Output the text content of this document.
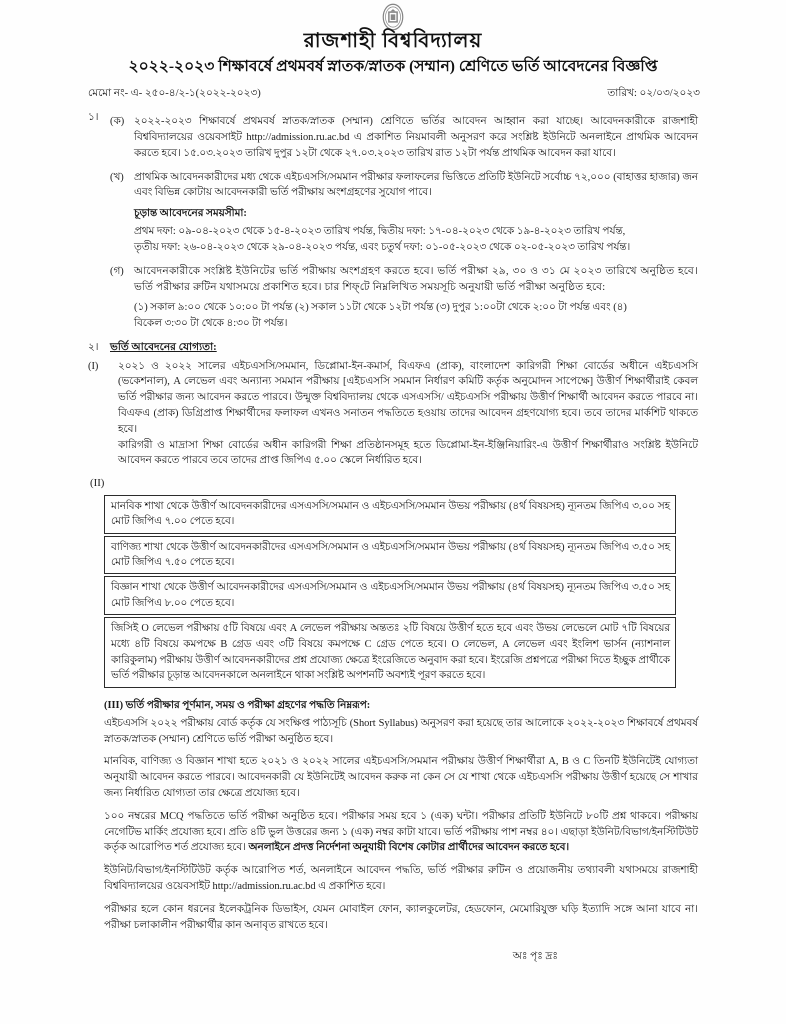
রাজশাহী বিশ্ববিদ্যালয়
২০২২-২০২৩ শিক্ষাবর্ষে প্রথমবর্ষ স্নাতক/স্নাতক (সম্মান) শ্রেণিতে ভর্তি আবেদনের বিজ্ঞপ্তি
মেমো নং- এ- ২৫০-৪/২-১(২০২২-২০২৩)	তারিখ: ০২/০৩/২০২৩
১।	(ক) ২০২২-২০২৩ শিক্ষাবর্ষে প্রথমবর্ষ স্নাতক/স্নাতক (সম্মান) শ্রেণিতে ভর্তির আবেদন আহ্বান করা যাচ্ছে। আবেদনকারীকে রাজশাহী বিশ্ববিদ্যালয়ের ওয়েবসাইট http://admission.ru.ac.bd এ প্রকাশিত নিয়মাবলী অনুসরণ করে সংশ্লিষ্ট ইউনিটে অনলাইনে প্রাথমিক আবেদন করতে হবে। ১৫.০৩.২০২৩ তারিখ দুপুর ১২টা থেকে ২৭.০৩.২০২৩ তারিখ রাত ১২টা পর্যন্ত প্রাথমিক আবেদন করা যাবে।
(খ) প্রাথমিক আবেদনকারীদের মধ্য থেকে এইচএসসি/সমমান পরীক্ষার ফলাফলের ভিত্তিতে প্রতিটি ইউনিটে সর্বোচ্চ ৭২,০০০ (বাহাত্তর হাজার) জন এবং বিভিন্ন কোটায় আবেদনকারী ভর্তি পরীক্ষায় অংশগ্রহণের সুযোগ পাবে।
চূড়ান্ত আবেদনের সময়সীমা:
প্রথম দফা: ০৯-০৪-২০২৩ থেকে ১৫-৪-২০২৩ তারিখ পর্যন্ত, দ্বিতীয় দফা: ১৭-০৪-২০২৩ থেকে ১৯-৪-২০২৩ তারিখ পর্যন্ত,
তৃতীয় দফা: ২৬-০৪-২০২৩ থেকে ২৯-০৪-২০২৩ পর্যন্ত, এবং চতুর্থ দফা: ০১-০৫-২০২৩ থেকে ০২-০৫-২০২৩ তারিখ পর্যন্ত।
(গ) আবেদনকারীকে সংশ্লিষ্ট ইউনিটের ভর্তি পরীক্ষায় অংশগ্রহণ করতে হবে। ভর্তি পরীক্ষা ২৯, ৩০ ও ৩১ মে ২০২৩ তারিখে অনুষ্ঠিত হবে। ভর্তি পরীক্ষার রুটিন যথাসময়ে প্রকাশিত হবে। চার শিফ্‌টে নিম্নলিখিত সময়সূচি অনুযায়ী ভর্তি পরীক্ষা অনুষ্ঠিত হবে:
(১) সকাল ৯:০০ থেকে ১০:০০ টা পর্যন্ত (২) সকাল ১১টা থেকে ১২টা পর্যন্ত (৩) দুপুর ১:০০টা থেকে ২:০০ টা পর্যন্ত এবং (৪)
বিকেল ৩:৩০ টা থেকে ৪:৩০ টা পর্যন্ত।
২।	ভর্তি আবেদনের যোগ্যতা:
(I)	২০২১ ও ২০২২ সালের এইচএসসি/সমমান, ডিপ্লোমা-ইন-কমার্স, বিএফএ (প্রাক), বাংলাদেশ কারিগরী শিক্ষা বোর্ডের অধীনে এইচএসসি (ভকেশনাল), A লেভেল এবং অন্যান্য সমমান পরীক্ষায় [এইচএসসি সমমান নির্ধারণ কমিটি কর্তৃক অনুমোদন সাপেক্ষে] উত্তীর্ণ শিক্ষার্থীরাই কেবল ভর্তি পরীক্ষার জন্য আবেদন করতে পারবে। উন্মুক্ত বিশ্ববিদ্যালয় থেকে এসএসসি/ এইচএসসি পরীক্ষায় উত্তীর্ণ শিক্ষার্থী আবেদন করতে পারবে না। বিএফএ (প্রাক) ডিগ্রিপ্রাপ্ত শিক্ষার্থীদের ফলাফল এখনও সনাতন পদ্ধতিতে হওয়ায় তাদের আবেদন গ্রহণযোগ্য হবে। তবে তাদের মার্কশিট থাকতে হবে।

কারিগরী ও মাদ্রাসা শিক্ষা বোর্ডের অধীন কারিগরী শিক্ষা প্রতিষ্ঠানসমূহ হতে ডিপ্লোমা-ইন-ইঞ্জিনিয়ারিং-এ উত্তীর্ণ শিক্ষার্থীরাও সংশ্লিষ্ট ইউনিটে আবেদন করতে পারবে তবে তাদের প্রাপ্ত জিপিএ ৫.০০ স্কেলে নির্ধারিত হবে।

(II)
মানবিক শাখা থেকে উত্তীর্ণ আবেদনকারীদের এসএসসি/সমমান ও এইচএসসি/সমমান উভয় পরীক্ষায় (৪র্থ বিষয়সহ) ন্যূনতম জিপিএ ৩.০০ সহ মোট জিপিএ ৭.০০ পেতে হবে।
বাণিজ্য শাখা থেকে উত্তীর্ণ আবেদনকারীদের এসএসসি/সমমান ও এইচএসসি/সমমান উভয় পরীক্ষায় (৪র্থ বিষয়সহ) ন্যূনতম জিপিএ ৩.৫০ সহ মোট জিপিএ ৭.৫০ পেতে হবে।
বিজ্ঞান শাখা থেকে উত্তীর্ণ আবেদনকারীদের এসএসসি/সমমান ও এইচএসসি/সমমান উভয় পরীক্ষায় (৪র্থ বিষয়সহ) ন্যূনতম জিপিএ ৩.৫০ সহ মোট জিপিএ ৮.০০ পেতে হবে।
জিসিই O লেভেল পরীক্ষায় ৫টি বিষয়ে এবং A লেভেল পরীক্ষায় অন্ততঃ ২টি বিষয়ে উত্তীর্ণ হতে হবে এবং উভয় লেভেলে মোট ৭টি বিষয়ের মধ্যে ৪টি বিষয়ে কমপক্ষে B গ্রেড এবং ৩টি বিষয়ে কমপক্ষে C গ্রেড পেতে হবে। O লেভেল, A লেভেল এবং ইংলিশ ভার্সন (ন্যাশনাল কারিকুলাম) পরীক্ষায় উত্তীর্ণ আবেদনকারীদের প্রশ্ন প্রযোজ্য ক্ষেত্রে ইংরেজিতে অনুবাদ করা হবে। ইংরেজি প্রশ্নপত্রে পরীক্ষা দিতে ইচ্ছুক প্রার্থীকে ভর্তি পরীক্ষার চূড়ান্ত আবেদনকালে অনলাইনে থাকা সংশ্লিষ্ট অপশনটি অবশ্যই পূরণ করতে হবে।
(III) ভর্তি পরীক্ষার পূর্ণমান, সময় ও পরীক্ষা গ্রহণের পদ্ধতি নিম্নরূপ:
এইচএসসি ২০২২ পরীক্ষায় বোর্ড কর্তৃক যে সংক্ষিপ্ত পাঠ্যসূচি (Short Syllabus) অনুসরণ করা হয়েছে তার আলোকে ২০২২-২০২৩ শিক্ষাবর্ষে প্রথমবর্ষ স্নাতক/স্নাতক (সম্মান) শ্রেণিতে ভর্তি পরীক্ষা অনুষ্ঠিত হবে।
মানবিক, বাণিজ্য ও বিজ্ঞান শাখা হতে ২০২১ ও ২০২২ সালের এইচএসসি/সমমান পরীক্ষায় উত্তীর্ণ শিক্ষার্থীরা A, B ও C তিনটি ইউনিটেই যোগ্যতা অনুযায়ী আবেদন করতে পারবে। আবেদনকারী যে ইউনিটেই আবেদন করুক না কেন সে যে শাখা থেকে এইচএসসি পরীক্ষায় উত্তীর্ণ হয়েছে সে শাখার জন্য নির্ধারিত যোগ্যতা তার ক্ষেত্রে প্রযোজ্য হবে।
১০০ নম্বরের MCQ পদ্ধতিতে ভর্তি পরীক্ষা অনুষ্ঠিত হবে। পরীক্ষার সময় হবে ১ (এক) ঘন্টা। পরীক্ষার প্রতিটি ইউনিটে ৮০টি প্রশ্ন থাকবে। পরীক্ষায় নেগেটিভ মার্কিং প্রযোজ্য হবে। প্রতি ৪টি ভুল উত্তরের জন্য ১ (এক) নম্বর কাটা যাবে। ভর্তি পরীক্ষায় পাশ নম্বর ৪০। এছাড়া ইউনিট/বিভাগ/ইনস্টিটিউট কর্তৃক আরোপিত শর্ত প্রযোজ্য হবে। অনলাইনে প্রদত্ত নির্দেশনা অনুযায়ী বিশেষ কোটার প্রার্থীদের আবেদন করতে হবে।
ইউনিট/বিভাগ/ইনস্টিটিউট কর্তৃক আরোপিত শর্ত, অনলাইনে আবেদন পদ্ধতি, ভর্তি পরীক্ষার রুটিন ও প্রয়োজনীয় তথ্যাবলী যথাসময়ে রাজশাহী বিশ্ববিদ্যালয়ের ওয়েবসাইট http://admission.ru.ac.bd এ প্রকাশিত হবে।
পরীক্ষার হলে কোন ধরনের ইলেকট্রনিক ডিভাইস, যেমন মোবাইল ফোন, ক্যালকুলেটর, হেডফোন, মেমোরিযুক্ত ঘড়ি ইত্যাদি সঙ্গে আনা যাবে না। পরীক্ষা চলাকালীন পরীক্ষার্থীর কান অনাবৃত রাখতে হবে।
অঃ পৃঃ দ্রঃ
